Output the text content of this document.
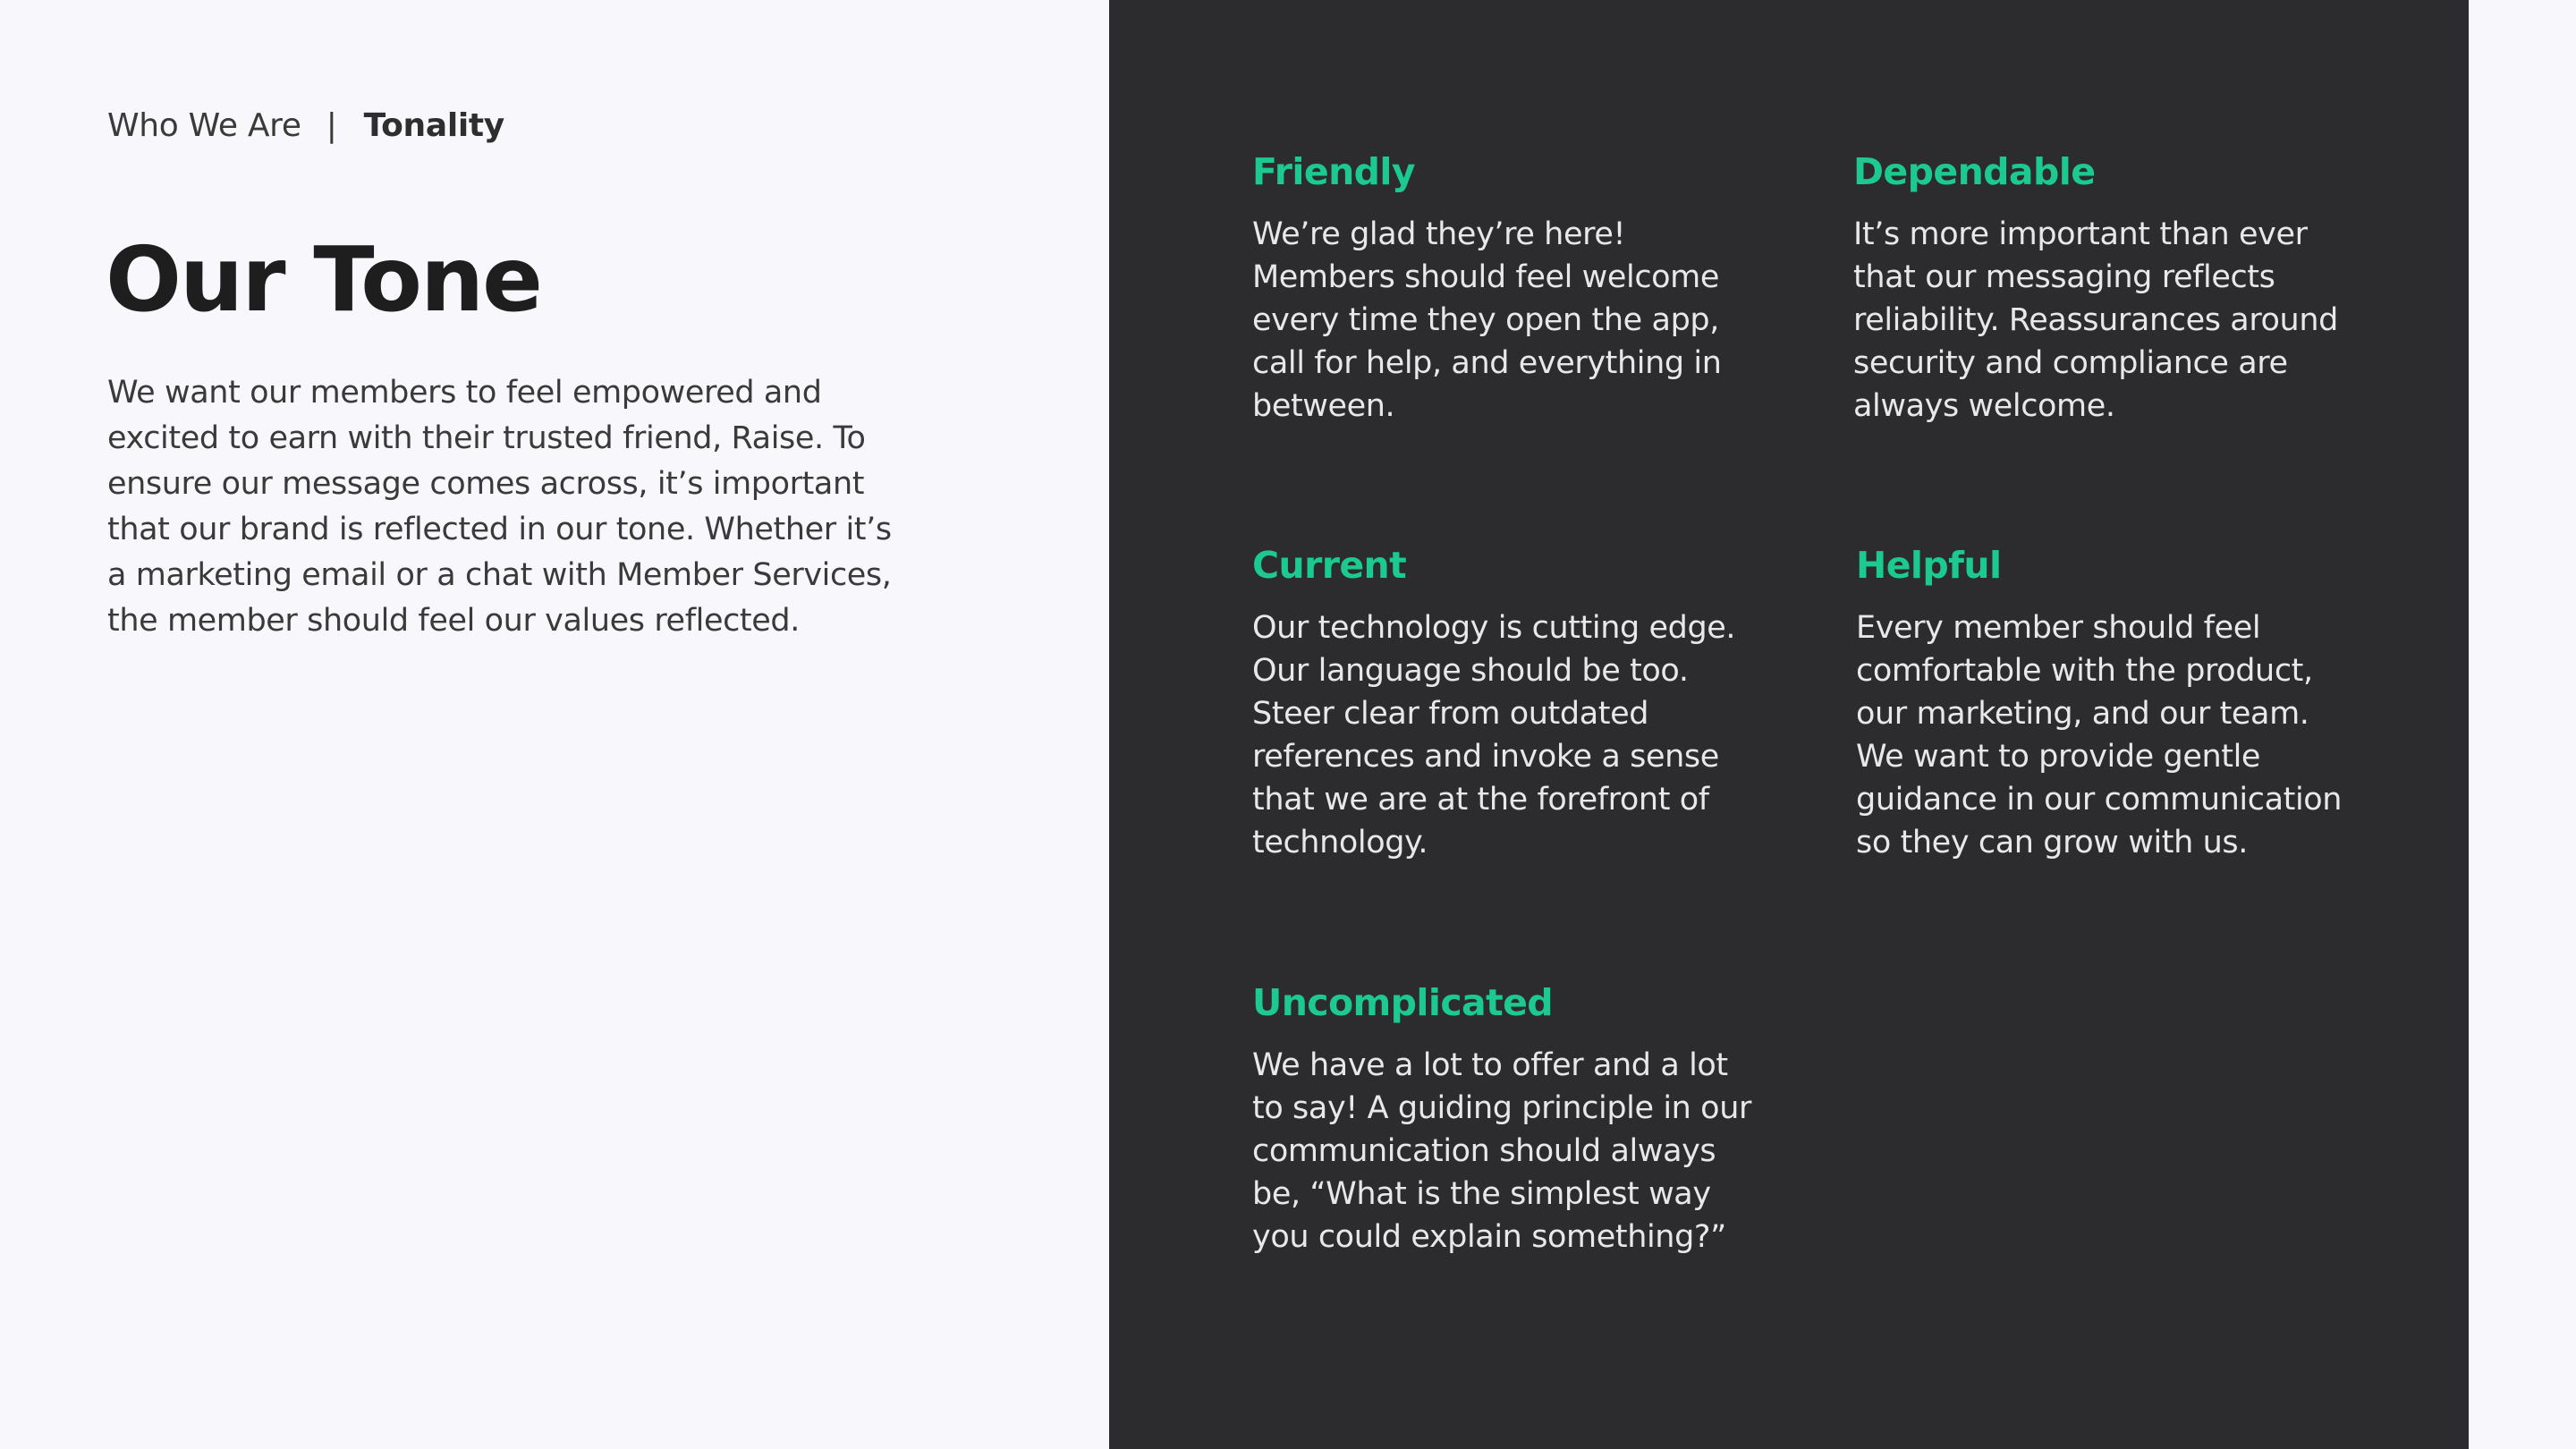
Who We Are | Tonality
Our Tone

We want our members to feel empowered and excited to earn with their trusted friend, Raise. To ensure our message comes across, it’s important that our brand is reflected in our tone. Whether it’s a marketing email or a chat with Member Services, the member should feel our values reflected.

Friendly

We’re glad they’re here! Members should feel welcome every time they open the app, call for help, and everything in between.

Dependable

It’s more important than ever that our messaging reflects reliability. Reassurances around security and compliance are always welcome.

Current

Our technology is cutting edge. Our language should be too. Steer clear from outdated references and invoke a sense that we are at the forefront of technology.

Helpful

Every member should feel comfortable with the product, our marketing, and our team. We want to provide gentle guidance in our communication so they can grow with us.

Uncomplicated

We have a lot to offer and a lot to say! A guiding principle in our communication should always be, “What is the simplest way you could explain something?”
